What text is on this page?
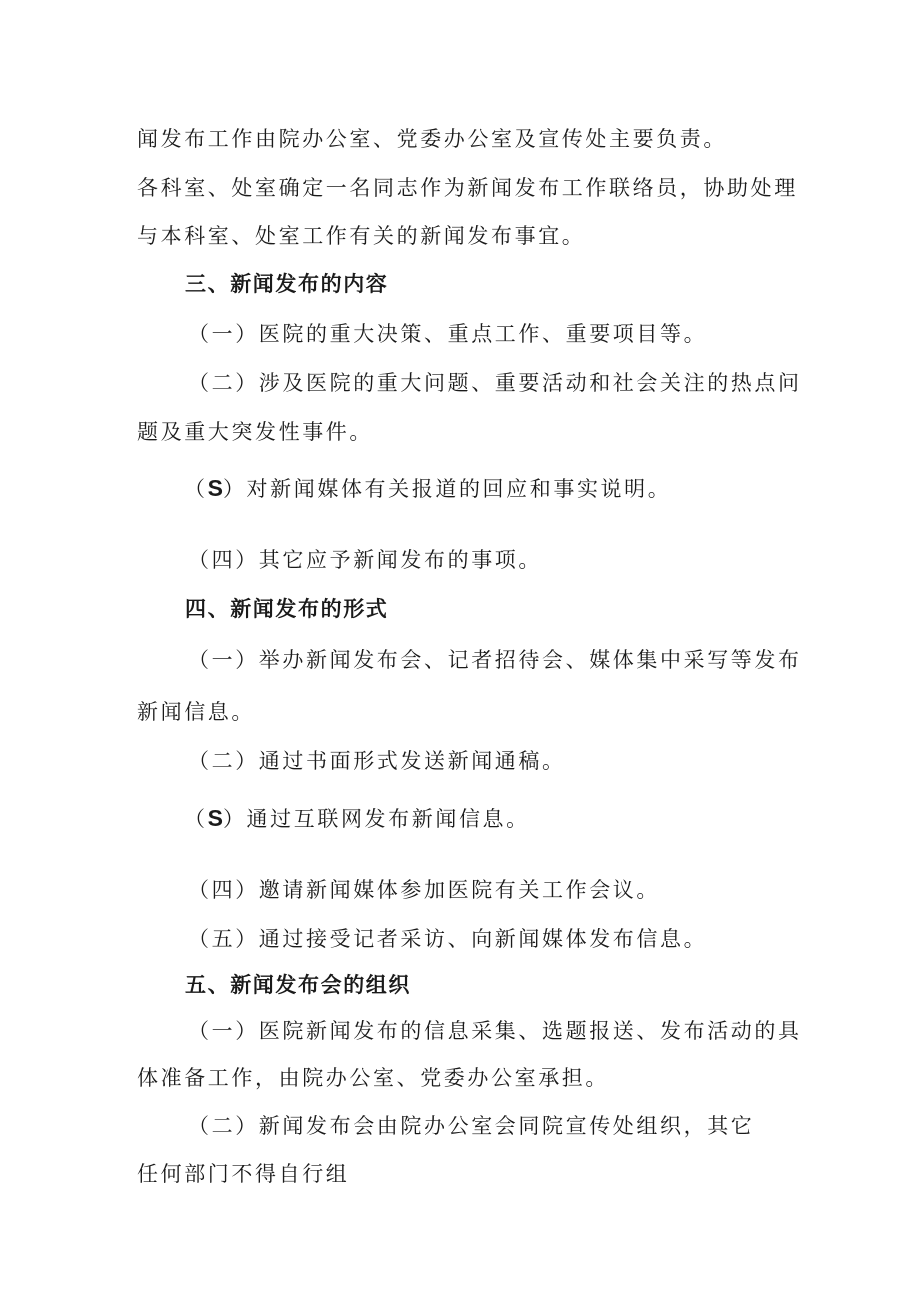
闻发布工作由院办公室、党委办公室及宣传处主要负责。
各科室、处室确定一名同志作为新闻发布工作联络员，协助处理
与本科室、处室工作有关的新闻发布事宜。
三、新闻发布的内容
（一）医院的重大决策、重点工作、重要项目等。
（二）涉及医院的重大问题、重要活动和社会关注的热点问
题及重大突发性事件。
（S）对新闻媒体有关报道的回应和事实说明。
（四）其它应予新闻发布的事项。
四、新闻发布的形式
（一）举办新闻发布会、记者招待会、媒体集中采写等发布
新闻信息。
（二）通过书面形式发送新闻通稿。
（S）通过互联网发布新闻信息。
（四）邀请新闻媒体参加医院有关工作会议。
（五）通过接受记者采访、向新闻媒体发布信息。
五、新闻发布会的组织
（一）医院新闻发布的信息采集、选题报送、发布活动的具
体准备工作，由院办公室、党委办公室承担。
（二）新闻发布会由院办公室会同院宣传处组织，其它
任何部门不得自行组
